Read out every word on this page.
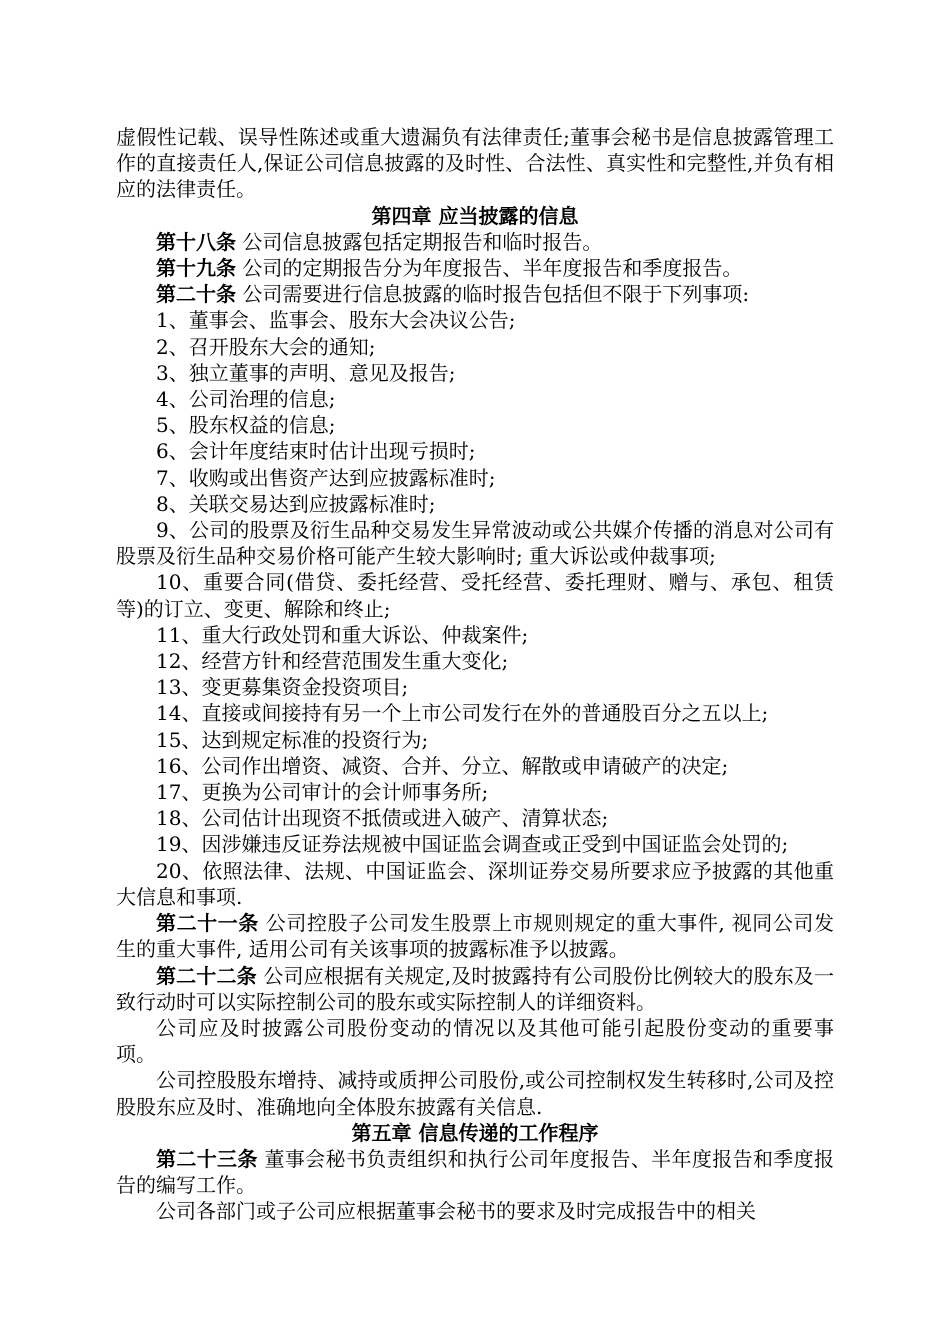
虚假性记载、误导性陈述或重大遗漏负有法律责任;董事会秘书是信息披露管理工作的直接责任人,保证公司信息披露的及时性、合法性、真实性和完整性,并负有相应的法律责任。

第四章 应当披露的信息

第十八条 公司信息披露包括定期报告和临时报告。

第十九条 公司的定期报告分为年度报告、半年度报告和季度报告。

第二十条 公司需要进行信息披露的临时报告包括但不限于下列事项:

1、董事会、监事会、股东大会决议公告;

2、召开股东大会的通知;

3、独立董事的声明、意见及报告;

4、公司治理的信息;

5、股东权益的信息;

6、会计年度结束时估计出现亏损时;

7、收购或出售资产达到应披露标准时;

8、关联交易达到应披露标准时;

9、公司的股票及衍生品种交易发生异常波动或公共媒介传播的消息对公司有股票及衍生品种交易价格可能产生较大影响时; 重大诉讼或仲裁事项;

10、重要合同(借贷、委托经营、受托经营、委托理财、赠与、承包、租赁等)的订立、变更、解除和终止;

11、重大行政处罚和重大诉讼、仲裁案件;

12、经营方针和经营范围发生重大变化;

13、变更募集资金投资项目;

14、直接或间接持有另一个上市公司发行在外的普通股百分之五以上;

15、达到规定标准的投资行为;

16、公司作出增资、减资、合并、分立、解散或申请破产的决定;

17、更换为公司审计的会计师事务所;

18、公司估计出现资不抵债或进入破产、清算状态;

19、因涉嫌违反证券法规被中国证监会调查或正受到中国证监会处罚的;

20、依照法律、法规、中国证监会、深圳证券交易所要求应予披露的其他重大信息和事项.

第二十一条 公司控股子公司发生股票上市规则规定的重大事件, 视同公司发生的重大事件, 适用公司有关该事项的披露标准予以披露。

第二十二条 公司应根据有关规定,及时披露持有公司股份比例较大的股东及一致行动时可以实际控制公司的股东或实际控制人的详细资料。

公司应及时披露公司股份变动的情况以及其他可能引起股份变动的重要事项。

公司控股股东增持、减持或质押公司股份,或公司控制权发生转移时,公司及控股股东应及时、准确地向全体股东披露有关信息.

第五章 信息传递的工作程序

第二十三条 董事会秘书负责组织和执行公司年度报告、半年度报告和季度报告的编写工作。

公司各部门或子公司应根据董事会秘书的要求及时完成报告中的相关
